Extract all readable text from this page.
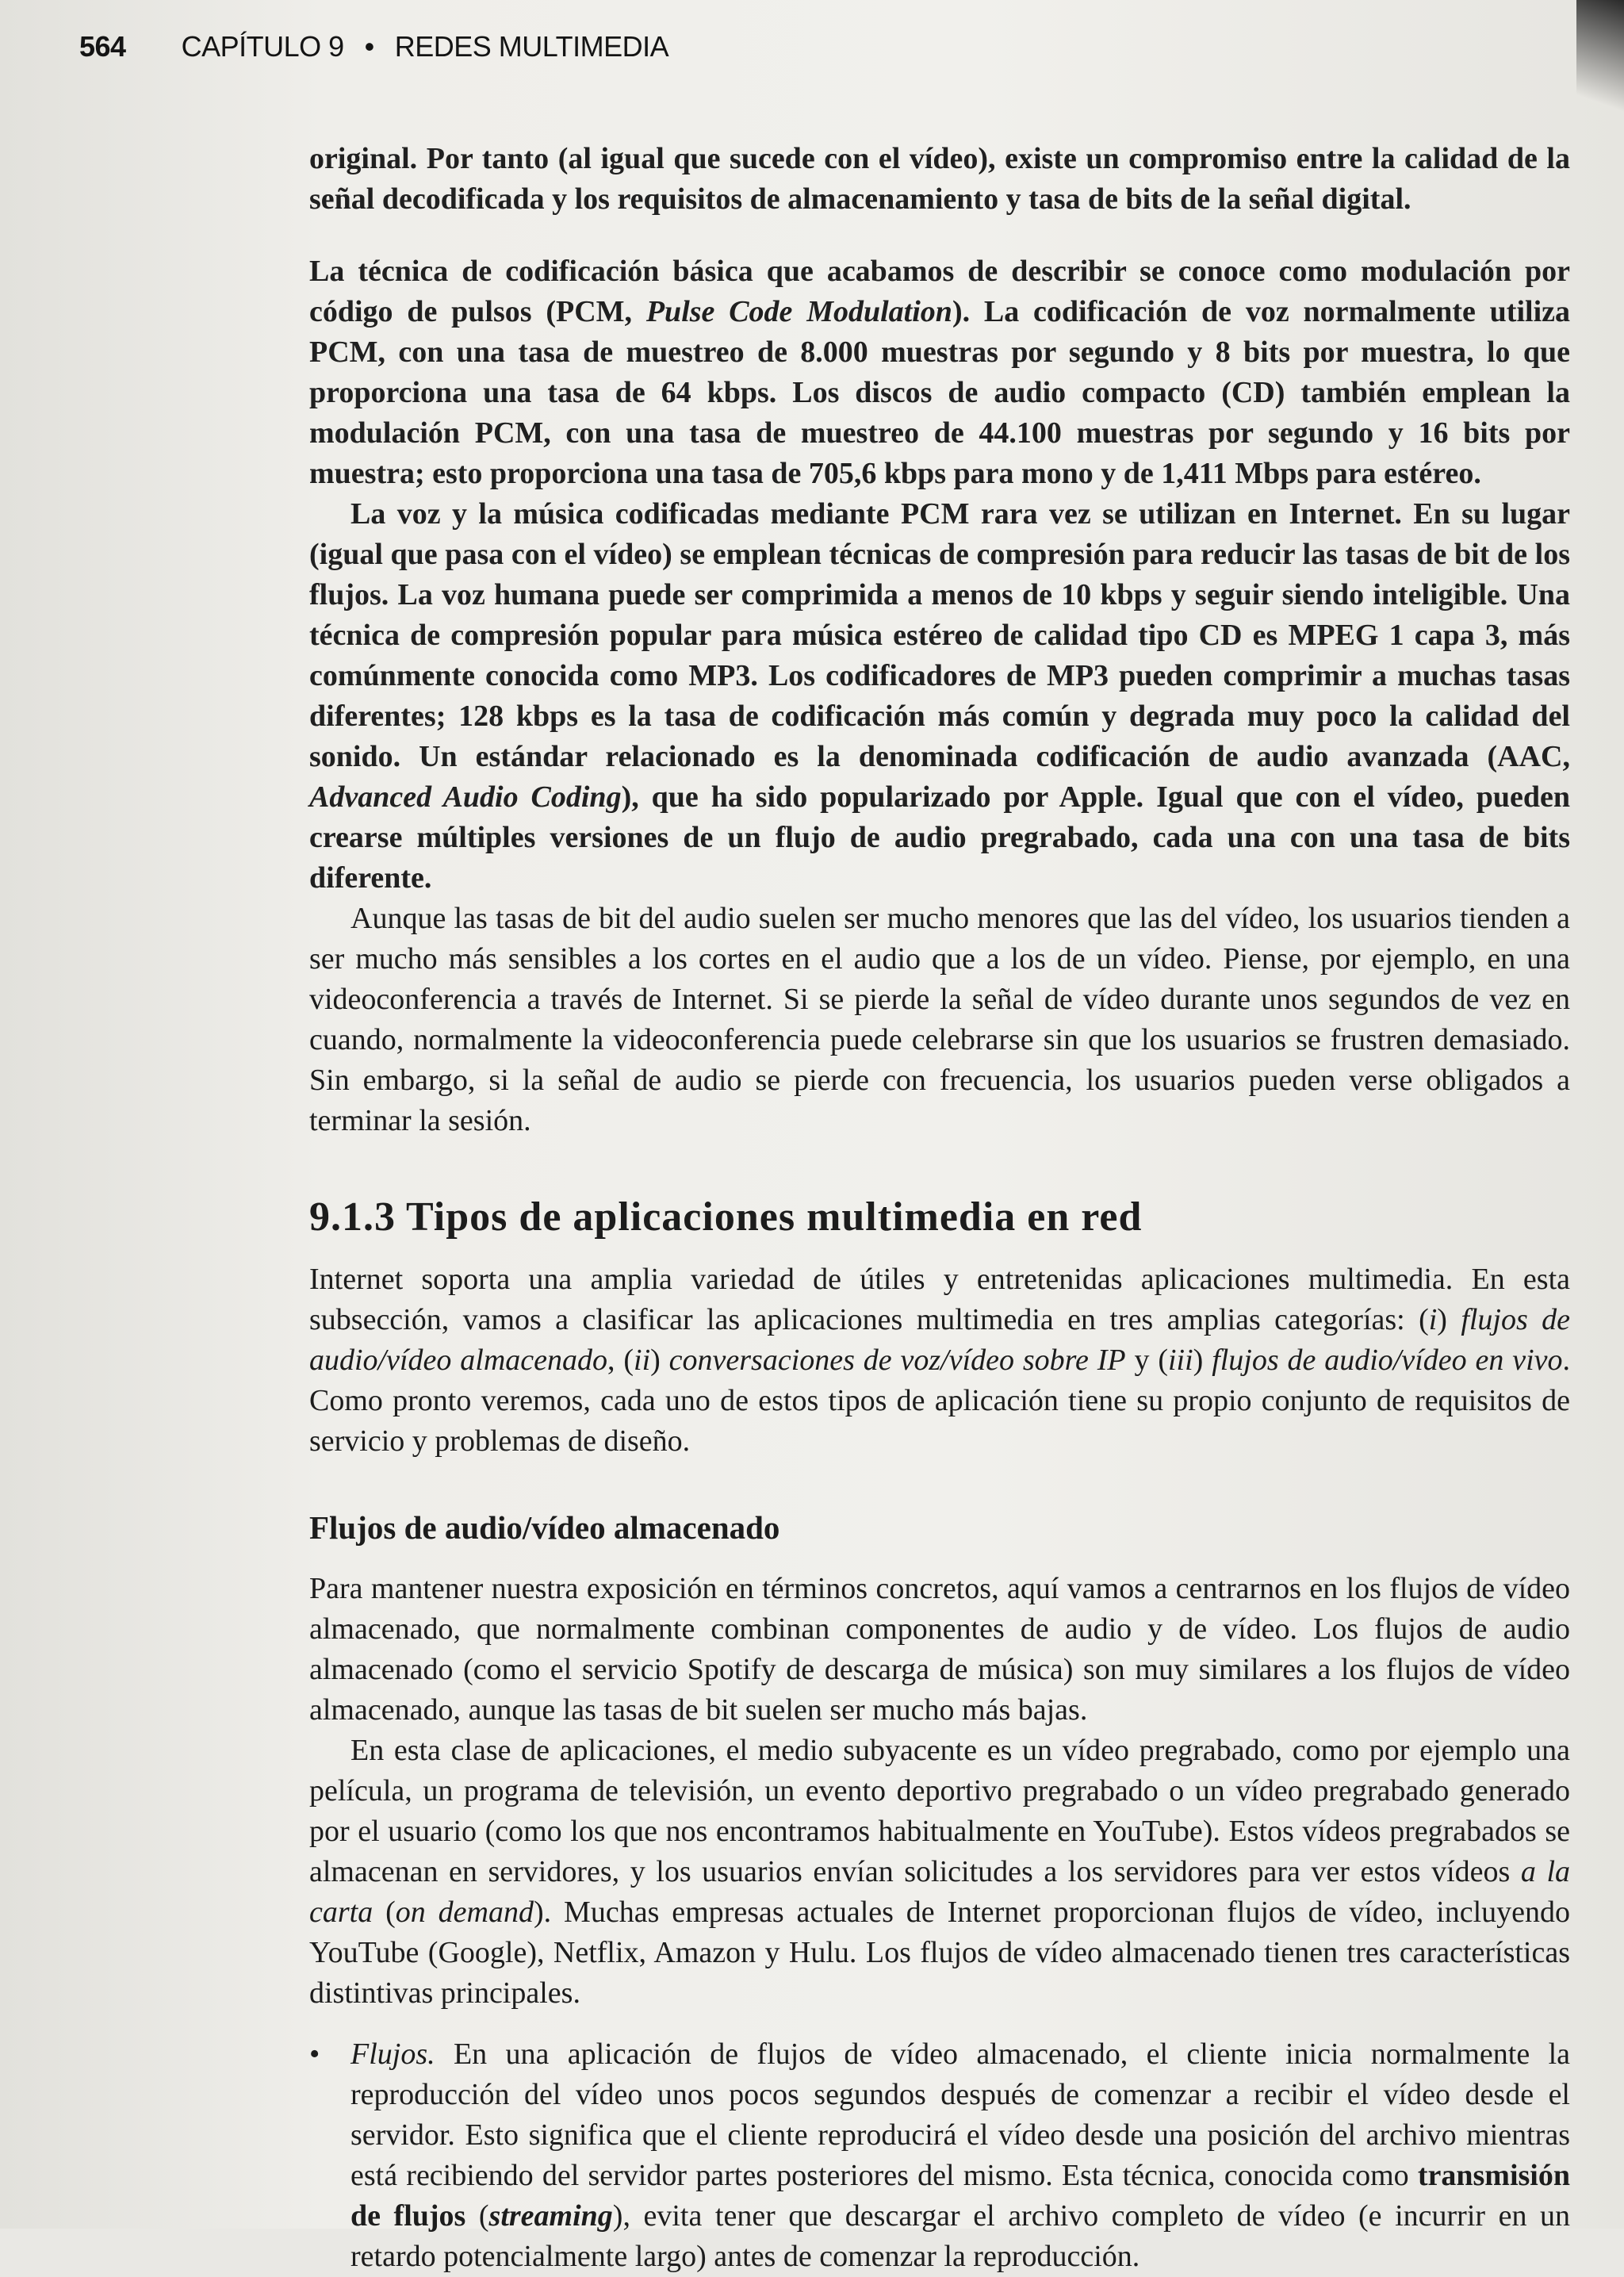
564 CAPÍTULO 9 • REDES MULTIMEDIA

original. Por tanto (al igual que sucede con el vídeo), existe un compromiso entre la calidad de la señal decodificada y los requisitos de almacenamiento y tasa de bits de la señal digital.

La técnica de codificación básica que acabamos de describir se conoce como modulación por código de pulsos (PCM, Pulse Code Modulation). La codificación de voz normalmente utiliza PCM, con una tasa de muestreo de 8.000 muestras por segundo y 8 bits por muestra, lo que proporciona una tasa de 64 kbps. Los discos de audio compacto (CD) también emplean la modulación PCM, con una tasa de muestreo de 44.100 muestras por segundo y 16 bits por muestra; esto proporciona una tasa de 705,6 kbps para mono y de 1,411 Mbps para estéreo.

La voz y la música codificadas mediante PCM rara vez se utilizan en Internet. En su lugar (igual que pasa con el vídeo) se emplean técnicas de compresión para reducir las tasas de bit de los flujos. La voz humana puede ser comprimida a menos de 10 kbps y seguir siendo inteligible. Una técnica de compresión popular para música estéreo de calidad tipo CD es MPEG 1 capa 3, más comúnmente conocida como MP3. Los codificadores de MP3 pueden comprimir a muchas tasas diferentes; 128 kbps es la tasa de codificación más común y degrada muy poco la calidad del sonido. Un estándar relacionado es la denominada codificación de audio avanzada (AAC, Advanced Audio Coding), que ha sido popularizado por Apple. Igual que con el vídeo, pueden crearse múltiples versiones de un flujo de audio pregrabado, cada una con una tasa de bits diferente.

Aunque las tasas de bit del audio suelen ser mucho menores que las del vídeo, los usuarios tienden a ser mucho más sensibles a los cortes en el audio que a los de un vídeo. Piense, por ejemplo, en una videoconferencia a través de Internet. Si se pierde la señal de vídeo durante unos segundos de vez en cuando, normalmente la videoconferencia puede celebrarse sin que los usuarios se frustren demasiado. Sin embargo, si la señal de audio se pierde con frecuencia, los usuarios pueden verse obligados a terminar la sesión.

9.1.3 Tipos de aplicaciones multimedia en red

Internet soporta una amplia variedad de útiles y entretenidas aplicaciones multimedia. En esta subsección, vamos a clasificar las aplicaciones multimedia en tres amplias categorías: (i) flujos de audio/vídeo almacenado, (ii) conversaciones de voz/vídeo sobre IP y (iii) flujos de audio/vídeo en vivo. Como pronto veremos, cada uno de estos tipos de aplicación tiene su propio conjunto de requisitos de servicio y problemas de diseño.

Flujos de audio/vídeo almacenado

Para mantener nuestra exposición en términos concretos, aquí vamos a centrarnos en los flujos de vídeo almacenado, que normalmente combinan componentes de audio y de vídeo. Los flujos de audio almacenado (como el servicio Spotify de descarga de música) son muy similares a los flujos de vídeo almacenado, aunque las tasas de bit suelen ser mucho más bajas.

En esta clase de aplicaciones, el medio subyacente es un vídeo pregrabado, como por ejemplo una película, un programa de televisión, un evento deportivo pregrabado o un vídeo pregrabado generado por el usuario (como los que nos encontramos habitualmente en YouTube). Estos vídeos pregrabados se almacenan en servidores, y los usuarios envían solicitudes a los servidores para ver estos vídeos a la carta (on demand). Muchas empresas actuales de Internet proporcionan flujos de vídeo, incluyendo YouTube (Google), Netflix, Amazon y Hulu. Los flujos de vídeo almacenado tienen tres características distintivas principales.

• Flujos. En una aplicación de flujos de vídeo almacenado, el cliente inicia normalmente la reproducción del vídeo unos pocos segundos después de comenzar a recibir el vídeo desde el servidor. Esto significa que el cliente reproducirá el vídeo desde una posición del archivo mientras está recibiendo del servidor partes posteriores del mismo. Esta técnica, conocida como transmisión de flujos (streaming), evita tener que descargar el archivo completo de vídeo (e incurrir en un retardo potencialmente largo) antes de comenzar la reproducción.
